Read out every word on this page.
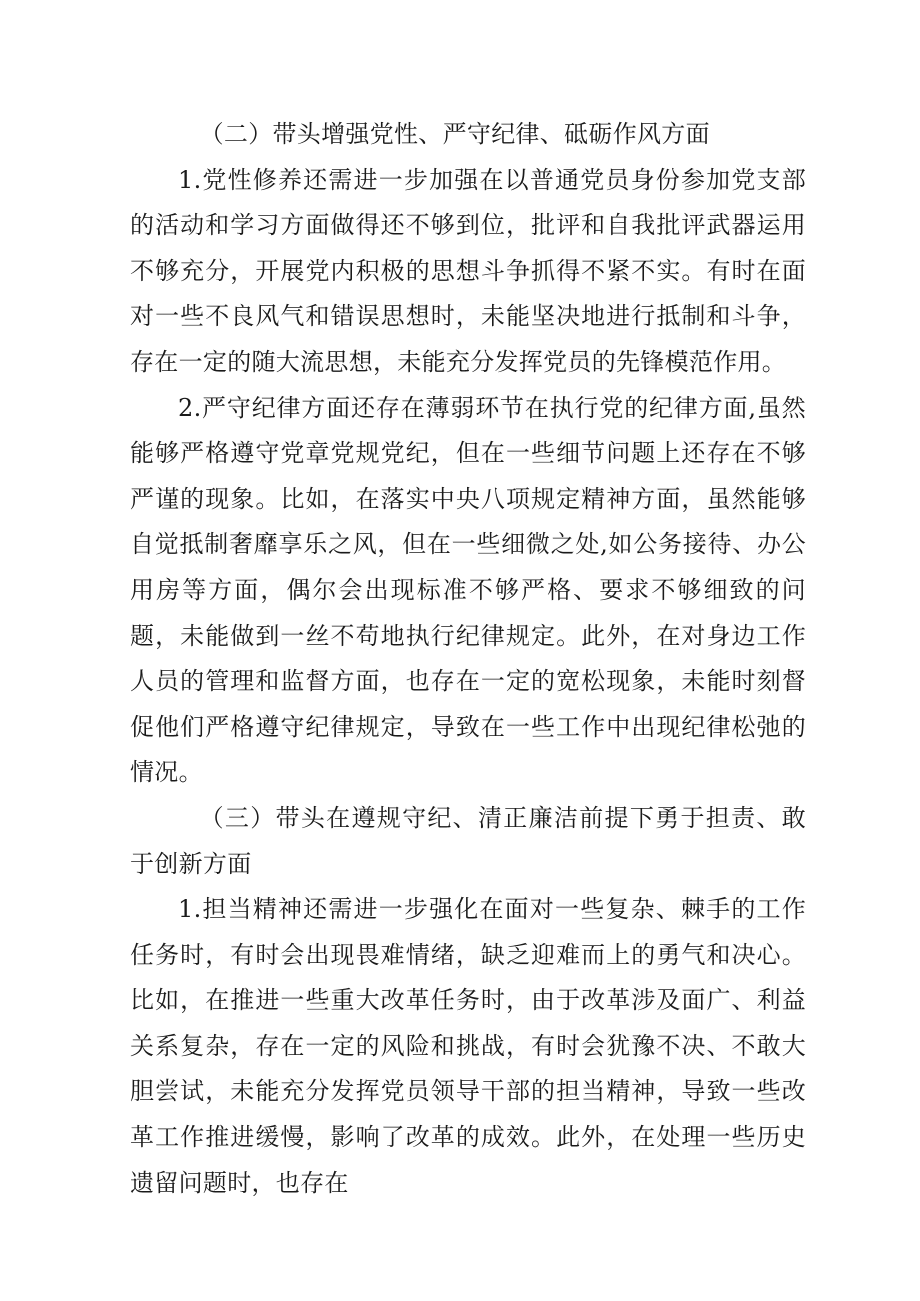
（二）带头增强党性、严守纪律、砥砺作风方面

1.党性修养还需进一步加强在以普通党员身份参加党支部的活动和学习方面做得还不够到位，批评和自我批评武器运用不够充分，开展党内积极的思想斗争抓得不紧不实。有时在面对一些不良风气和错误思想时，未能坚决地进行抵制和斗争，存在一定的随大流思想，未能充分发挥党员的先锋模范作用。

2.严守纪律方面还存在薄弱环节在执行党的纪律方面,虽然能够严格遵守党章党规党纪，但在一些细节问题上还存在不够严谨的现象。比如，在落实中央八项规定精神方面，虽然能够自觉抵制奢靡享乐之风，但在一些细微之处,如公务接待、办公用房等方面，偶尔会出现标准不够严格、要求不够细致的问题，未能做到一丝不苟地执行纪律规定。此外，在对身边工作人员的管理和监督方面，也存在一定的宽松现象，未能时刻督促他们严格遵守纪律规定，导致在一些工作中出现纪律松弛的情况。

（三）带头在遵规守纪、清正廉洁前提下勇于担责、敢于创新方面

1.担当精神还需进一步强化在面对一些复杂、棘手的工作任务时，有时会出现畏难情绪，缺乏迎难而上的勇气和决心。比如，在推进一些重大改革任务时，由于改革涉及面广、利益关系复杂，存在一定的风险和挑战，有时会犹豫不决、不敢大胆尝试，未能充分发挥党员领导干部的担当精神，导致一些改革工作推进缓慢，影响了改革的成效。此外，在处理一些历史遗留问题时，也存在
